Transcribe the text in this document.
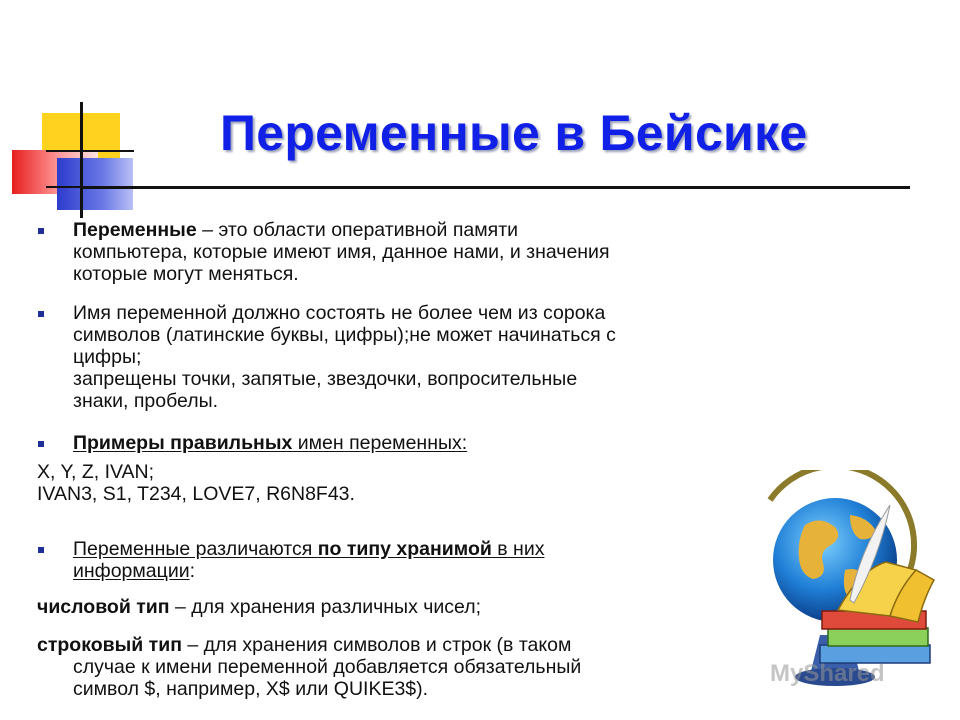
Переменные в Бейсике
Переменные – это области оперативной памяти
компьютера, которые имеют имя, данное нами, и значения
которые могут меняться.
Имя переменной должно состоять не более чем из сорока
символов (латинские буквы, цифры);не может начинаться с
цифры;
запрещены точки, запятые, звездочки, вопросительные
знаки, пробелы.
Примеры правильных имен переменных:
X, Y, Z, IVAN;
IVAN3, S1, T234, LOVE7, R6N8F43.
Переменные различаются по типу хранимой в них
информации:
числовой тип – для хранения различных чисел;
строковый тип – для хранения символов и строк (в таком
случае к имени переменной добавляется обязательный
символ $, например, X$ или QUIKE3$).
MyShared
